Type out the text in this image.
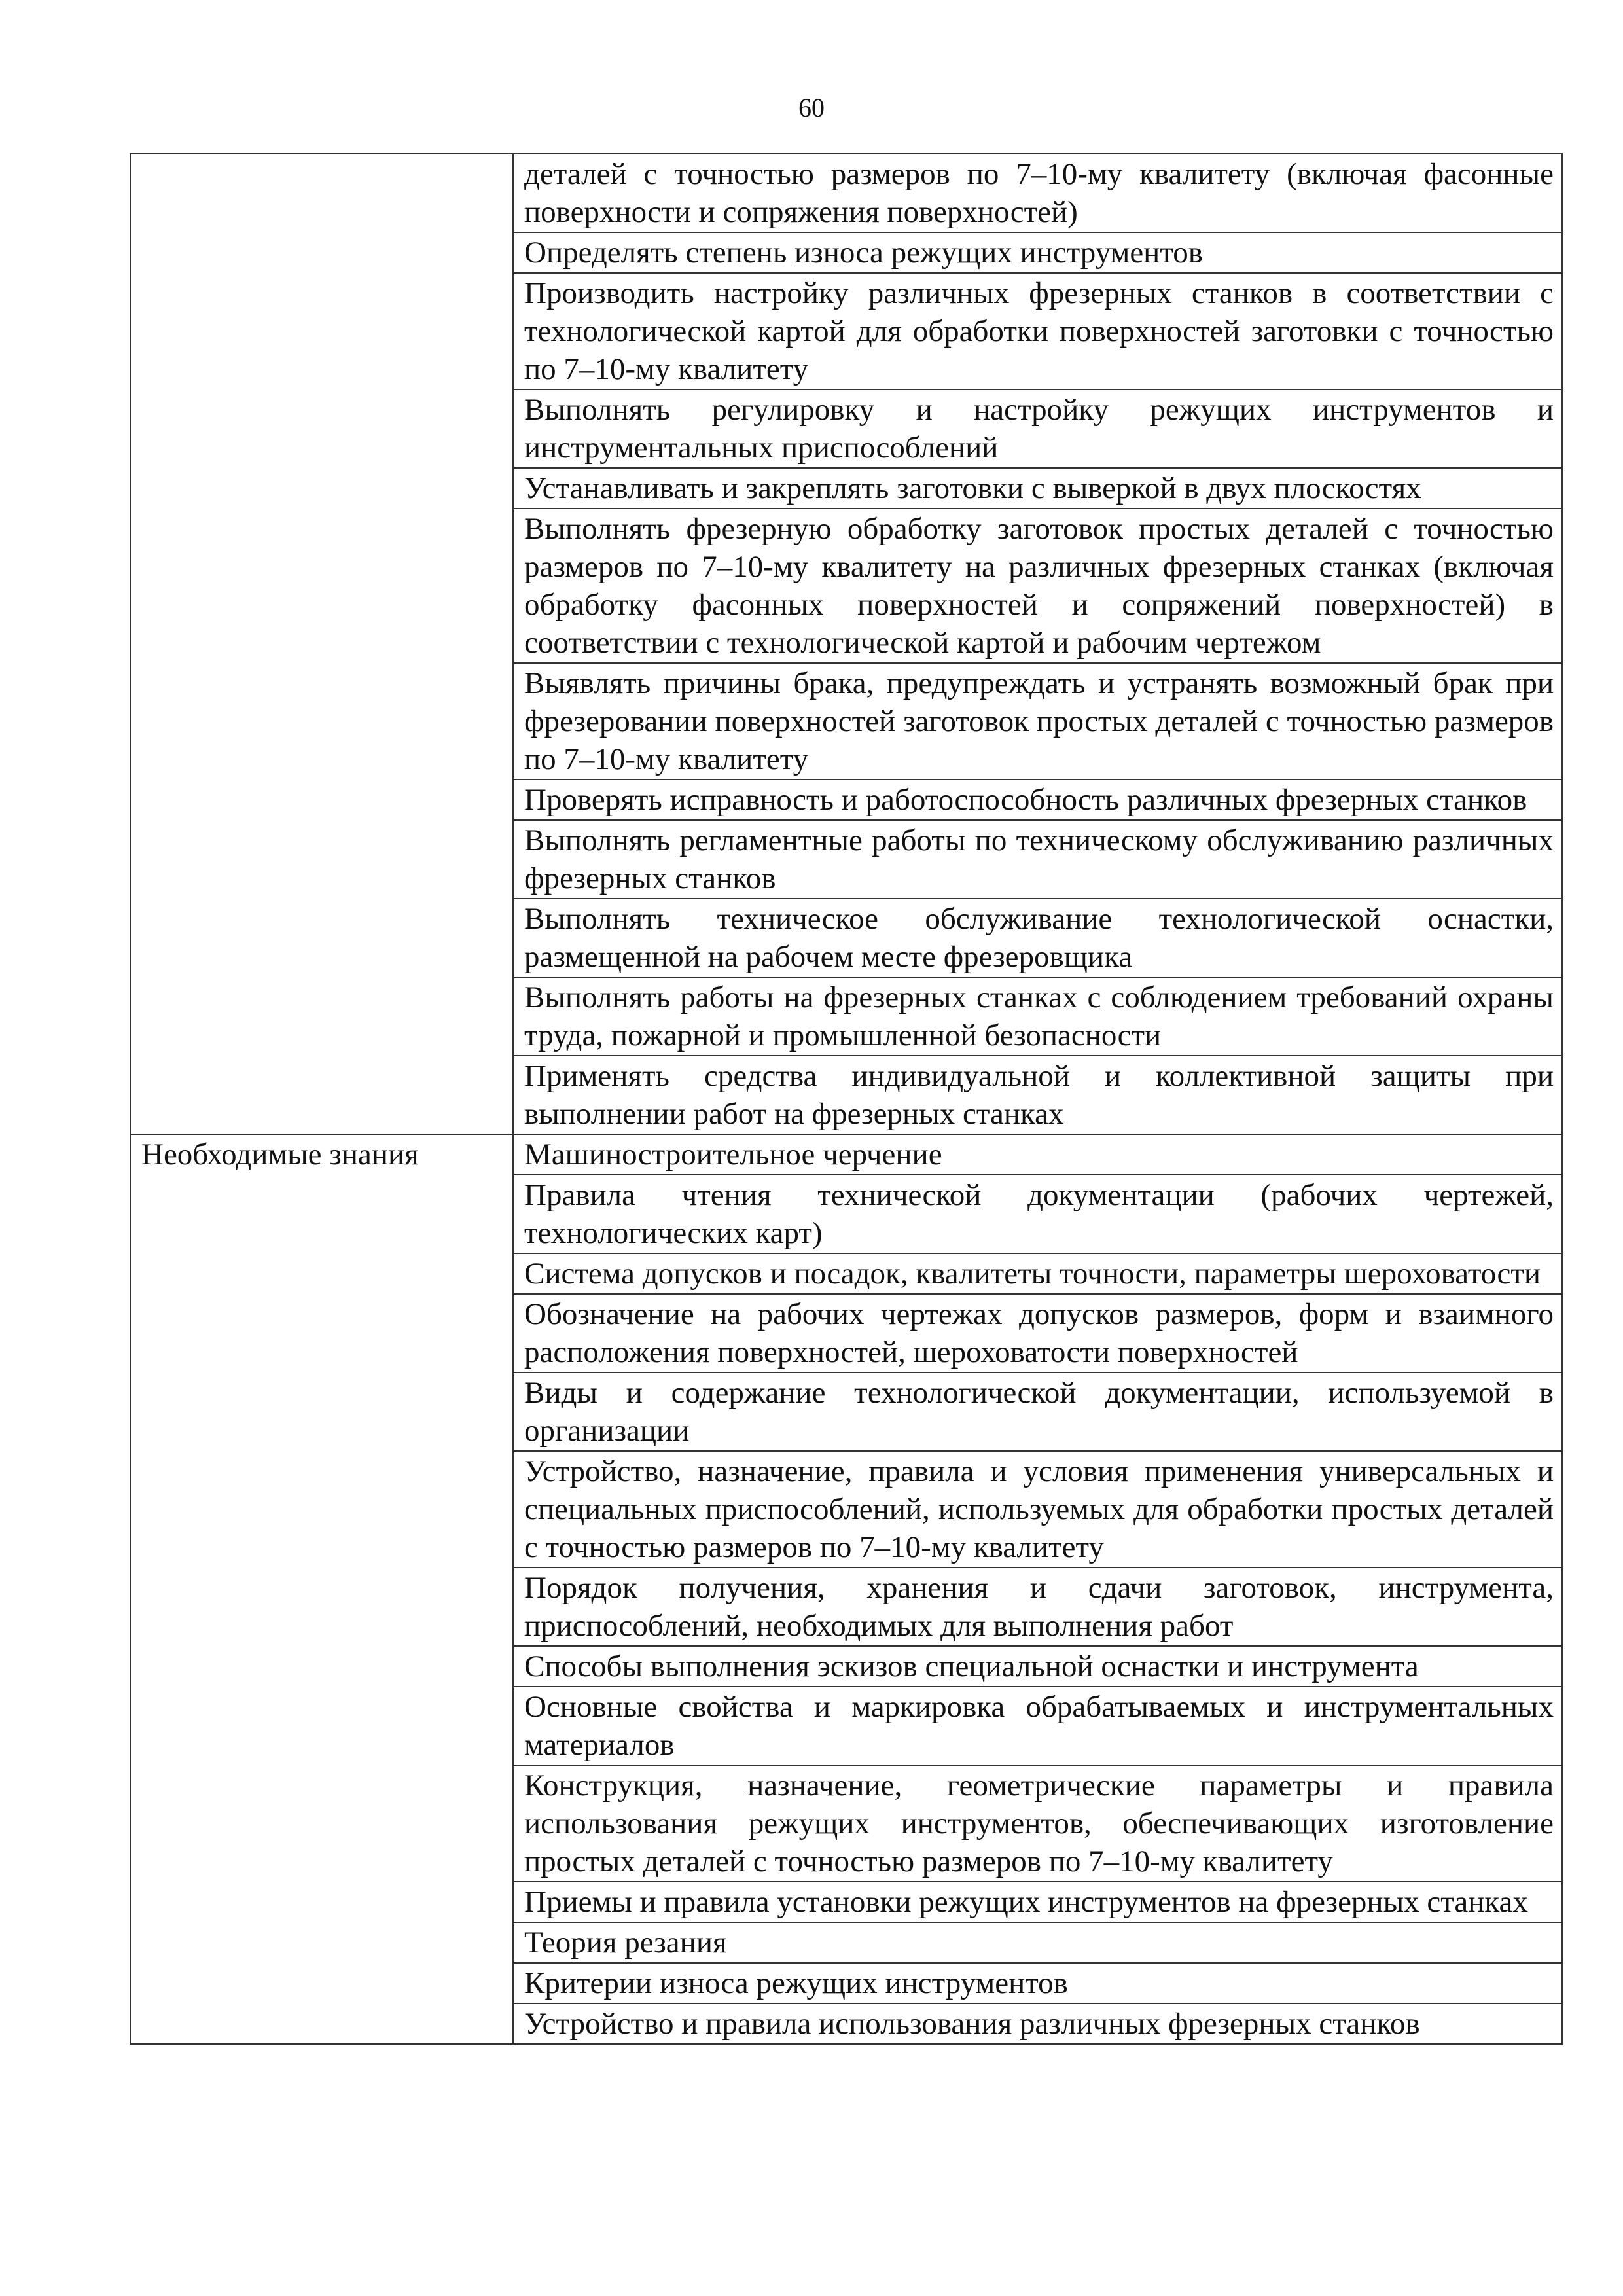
60
	деталей с точностью размеров по 7–10-му квалитету (включая фасонные поверхности и сопряжения поверхностей)
	Определять степень износа режущих инструментов
	Производить настройку различных фрезерных станков в соответствии с технологической картой для обработки поверхностей заготовки с точностью по 7–10-му квалитету
	Выполнять регулировку и настройку режущих инструментов и инструментальных приспособлений
	Устанавливать и закреплять заготовки с выверкой в двух плоскостях
	Выполнять фрезерную обработку заготовок простых деталей с точностью размеров по 7–10-му квалитету на различных фрезерных станках (включая обработку фасонных поверхностей и сопряжений поверхностей) в соответствии с технологической картой и рабочим чертежом
	Выявлять причины брака, предупреждать и устранять возможный брак при фрезеровании поверхностей заготовок простых деталей с точностью размеров по 7–10-му квалитету
	Проверять исправность и работоспособность различных фрезерных станков
	Выполнять регламентные работы по техническому обслуживанию различных фрезерных станков
	Выполнять техническое обслуживание технологической оснастки, размещенной на рабочем месте фрезеровщика
	Выполнять работы на фрезерных станках с соблюдением требований охраны труда, пожарной и промышленной безопасности
	Применять средства индивидуальной и коллективной защиты при выполнении работ на фрезерных станках
Необходимые знания	Машиностроительное черчение
	Правила чтения технической документации (рабочих чертежей, технологических карт)
	Система допусков и посадок, квалитеты точности, параметры шероховатости
	Обозначение на рабочих чертежах допусков размеров, форм и взаимного расположения поверхностей, шероховатости поверхностей
	Виды и содержание технологической документации, используемой в организации
	Устройство, назначение, правила и условия применения универсальных и специальных приспособлений, используемых для обработки простых деталей с точностью размеров по 7–10-му квалитету
	Порядок получения, хранения и сдачи заготовок, инструмента, приспособлений, необходимых для выполнения работ
	Способы выполнения эскизов специальной оснастки и инструмента
	Основные свойства и маркировка обрабатываемых и инструментальных материалов
	Конструкция, назначение, геометрические параметры и правила использования режущих инструментов, обеспечивающих изготовление простых деталей с точностью размеров по 7–10-му квалитету
	Приемы и правила установки режущих инструментов на фрезерных станках
	Теория резания
	Критерии износа режущих инструментов
	Устройство и правила использования различных фрезерных станков
